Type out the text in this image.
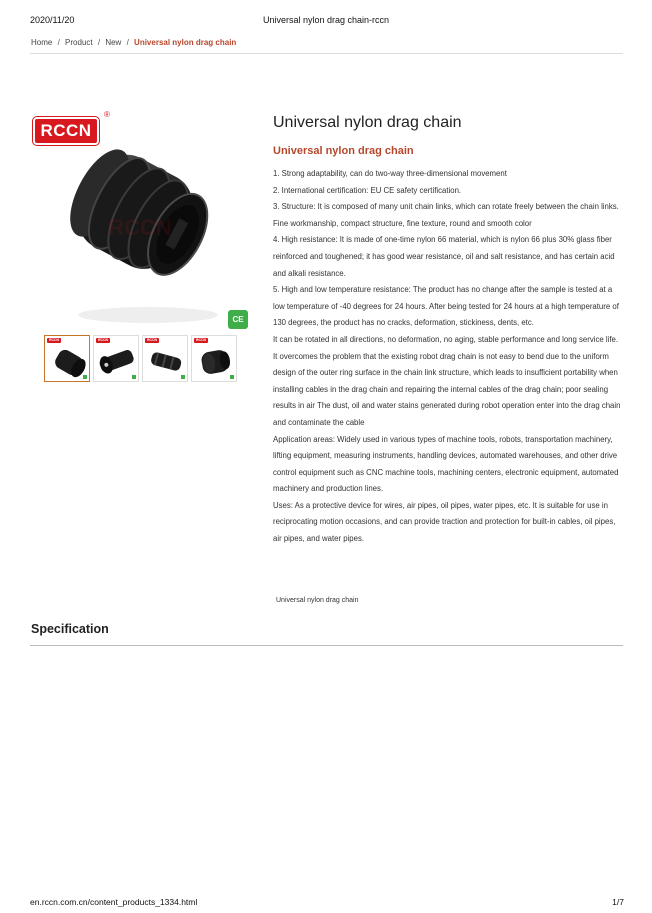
2020/11/20	Universal nylon drag chain-rccn
Home / Product / New / Universal nylon drag chain
RCCN
RCCN
®
CE
RCCN	RCCN	RCCN	RCCN
Universal nylon drag chain
Universal nylon drag chain

1. Strong adaptability, can do two-way three-dimensional movement

2. International certification: EU CE safety certification.

3. Structure: It is composed of many unit chain links, which can rotate freely between the chain links. Fine workmanship, compact structure, fine texture, round and smooth color

4. High resistance: It is made of one-time nylon 66 material, which is nylon 66 plus 30% glass fiber reinforced and toughened; it has good wear resistance, oil and salt resistance, and has certain acid and alkali resistance.

5. High and low temperature resistance: The product has no change after the sample is tested at a low temperature of -40 degrees for 24 hours. After being tested for 24 hours at a high temperature of 130 degrees, the product has no cracks, deformation, stickiness, dents, etc.

It can be rotated in all directions, no deformation, no aging, stable performance and long service life.

It overcomes the problem that the existing robot drag chain is not easy to bend due to the uniform design of the outer ring surface in the chain link structure, which leads to insufficient portability when installing cables in the drag chain and repairing the internal cables of the drag chain; poor sealing results in air The dust, oil and water stains generated during robot operation enter into the drag chain and contaminate the cable

Application areas: Widely used in various types of machine tools, robots, transportation machinery, lifting equipment, measuring instruments, handling devices, automated warehouses, and other drive control equipment such as CNC machine tools, machining centers, electronic equipment, automated machinery and production lines.

Uses: As a protective device for wires, air pipes, oil pipes, water pipes, etc. It is suitable for use in reciprocating motion occasions, and can provide traction and protection for built-in cables, oil pipes, air pipes, and water pipes.

Universal nylon drag chain
Specification
en.rccn.com.cn/content_products_1334.html	1/7
